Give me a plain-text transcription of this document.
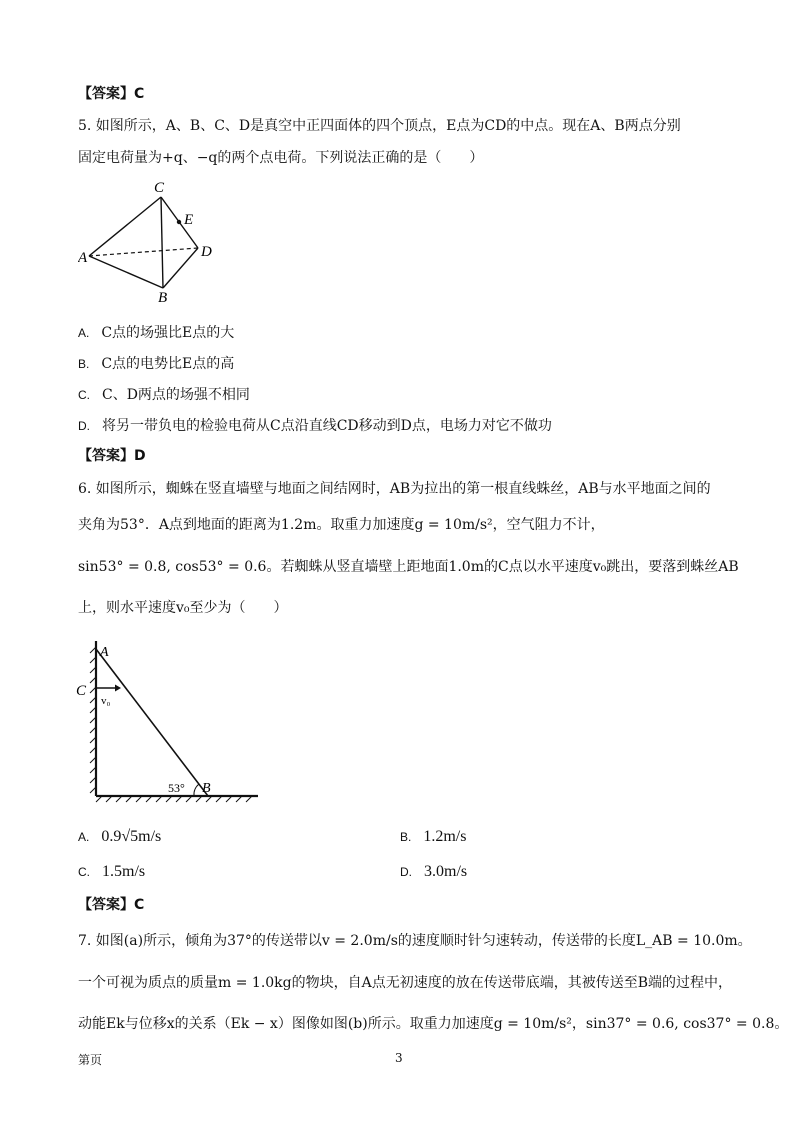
【答案】C
5. 如图所示，A、B、C、D是真空中正四面体的四个顶点，E点为CD的中点。现在A、B两点分别
固定电荷量为+q、−q的两个点电荷。下列说法正确的是（　　）
C
E
D
A
B
A. C点的场强比E点的大
B. C点的电势比E点的高
C. C、D两点的场强不相同
D. 将另一带负电的检验电荷从C点沿直线CD移动到D点，电场力对它不做功
【答案】D
6. 如图所示，蜘蛛在竖直墙壁与地面之间结网时，AB为拉出的第一根直线蛛丝，AB与水平地面之间的
夹角为53°．A点到地面的距离为1.2m。取重力加速度g = 10m/s²，空气阻力不计，
sin53° = 0.8, cos53° = 0.6。若蜘蛛从竖直墙壁上距地面1.0m的C点以水平速度v₀跳出，要落到蛛丝AB
上，则水平速度v₀至少为（　　）
A
C
v₀
53° B
A. 0.9√5m/s	B. 1.2m/s
C. 1.5m/s	D. 3.0m/s
【答案】C
7. 如图(a)所示，倾角为37°的传送带以v = 2.0m/s的速度顺时针匀速转动，传送带的长度L_AB = 10.0m。
一个可视为质点的质量m = 1.0kg的物块，自A点无初速度的放在传送带底端，其被传送至B端的过程中，
动能Ek与位移x的关系（Ek − x）图像如图(b)所示。取重力加速度g = 10m/s²，sin37° = 0.6, cos37° = 0.8。
第页	3
